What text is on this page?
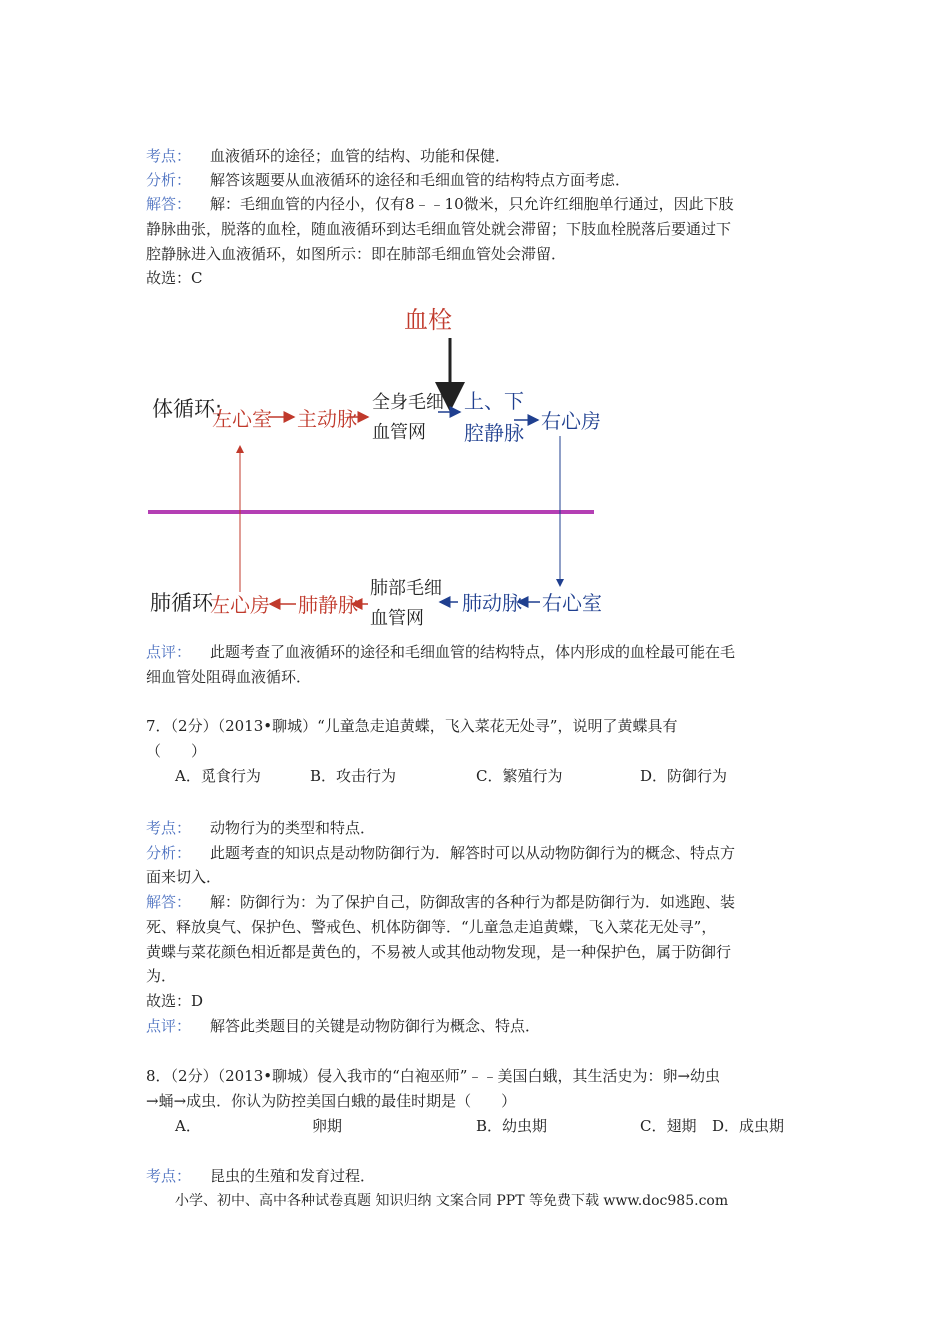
考点： 血液循环的途径；血管的结构、功能和保健．
分析： 解答该题要从血液循环的途径和毛细血管的结构特点方面考虑．
解答： 解：毛细血管的内径小，仅有8﹣﹣10微米，只允许红细胞单行通过，因此下肢
静脉曲张，脱落的血栓，随血液循环到达毛细血管处就会滞留；下肢血栓脱落后要通过下
腔静脉进入血液循环，如图所示：即在肺部毛细血管处会滞留．
故选：C
血栓
体循环:
左心室 主动脉
全身毛细
血管网
上、下
腔静脉 右心房
肺循环
左心房 肺静脉
肺部毛细
血管网
肺动脉 右心室
点评： 此题考查了血液循环的途径和毛细血管的结构特点，体内形成的血栓最可能在毛
细血管处阻碍血液循环．
7．（2分）（2013•聊城）“儿童急走追黄蝶，飞入菜花无处寻”，说明了黄蝶具有
（　　）
A．觅食行为	B．攻击行为	C．繁殖行为	D．防御行为
考点： 动物行为的类型和特点．
分析： 此题考查的知识点是动物防御行为．解答时可以从动物防御行为的概念、特点方
面来切入．
解答： 解：防御行为：为了保护自己，防御敌害的各种行为都是防御行为．如逃跑、装
死、释放臭气、保护色、警戒色、机体防御等．“儿童急走追黄蝶，飞入菜花无处寻”，
黄蝶与菜花颜色相近都是黄色的，不易被人或其他动物发现，是一种保护色，属于防御行
为．
故选：D
点评： 解答此类题目的关键是动物防御行为概念、特点．
8．（2分）（2013•聊城）侵入我市的“白袍巫师”﹣﹣美国白蛾，其生活史为：卵→幼虫
→蛹→成虫．你认为防控美国白蛾的最佳时期是（　　）
A．	卵期	B．幼虫期	C．翅期 D．成虫期
考点： 昆虫的生殖和发育过程．
小学、初中、高中各种试卷真题 知识归纳 文案合同 PPT 等免费下载 www.doc985.com
